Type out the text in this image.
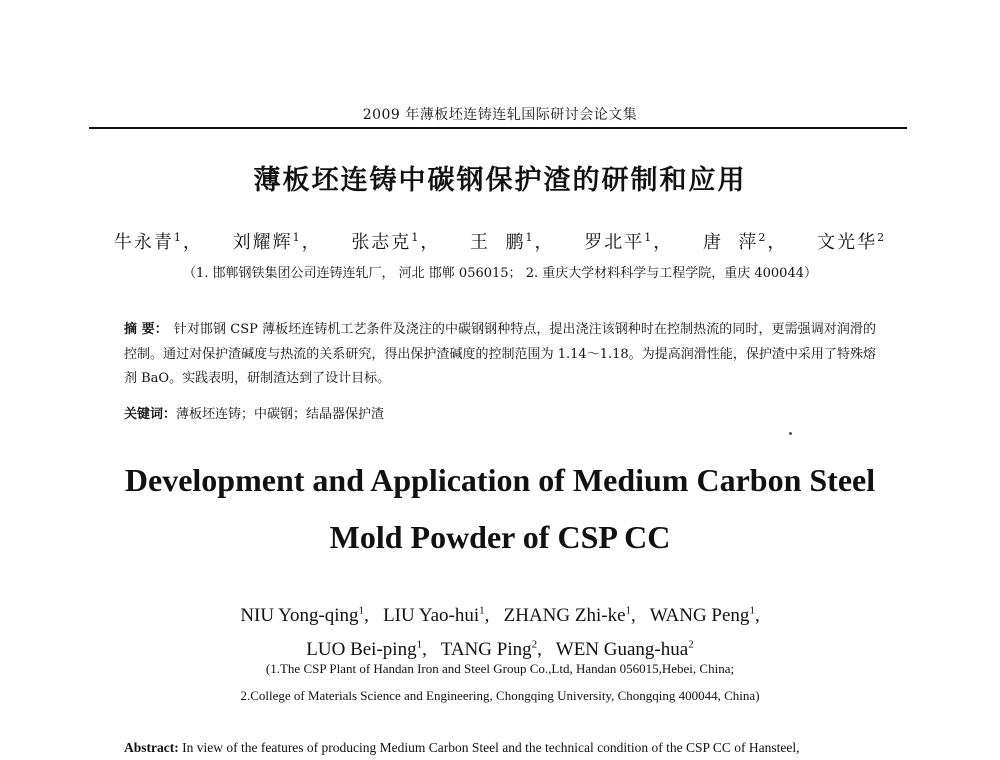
2009 年薄板坯连铸连轧国际研讨会论文集
薄板坯连铸中碳钢保护渣的研制和应用
牛永青$^1$， 刘耀辉$^1$， 张志克$^1$， 王  鹏$^1$， 罗北平$^1$， 唐  萍$^2$， 文光华$^2$
（1. 邯郸钢铁集团公司连铸连轧厂， 河北 邯郸 056015； 2. 重庆大学材料科学与工程学院，重庆 400044）
摘 要： 针对邯钢 CSP 薄板坯连铸机工艺条件及浇注的中碳钢钢种特点，提出浇注该钢种时在控制热流的同时，更需强调对润滑的控制。通过对保护渣碱度与热流的关系研究，得出保护渣碱度的控制范围为 1.14～1.18。为提高润滑性能，保护渣中采用了特殊熔剂 BaO。实践表明，研制渣达到了设计目标。
关键词：薄板坯连铸；中碳钢；结晶器保护渣
Development and Application of Medium Carbon Steel
Mold Powder of CSP CC
NIU Yong-qing$^1$, LIU Yao-hui$^1$, ZHANG Zhi-$ke^1$, WANG Peng$^1$,
LUO Bei-ping$^1$, TANG Ping$^2$, WEN Guang-hua$^2$
(1.The CSP Plant of Handan Iron and Steel Group Co.,Ltd, Handan 056015,Hebei, China;
2.College of Materials Science and Engineering, Chongqing University, Chongqing 400044, China)
Abstract: In view of the features of producing Medium Carbon Steel and the technical condition of the CSP CC of Hansteel,
